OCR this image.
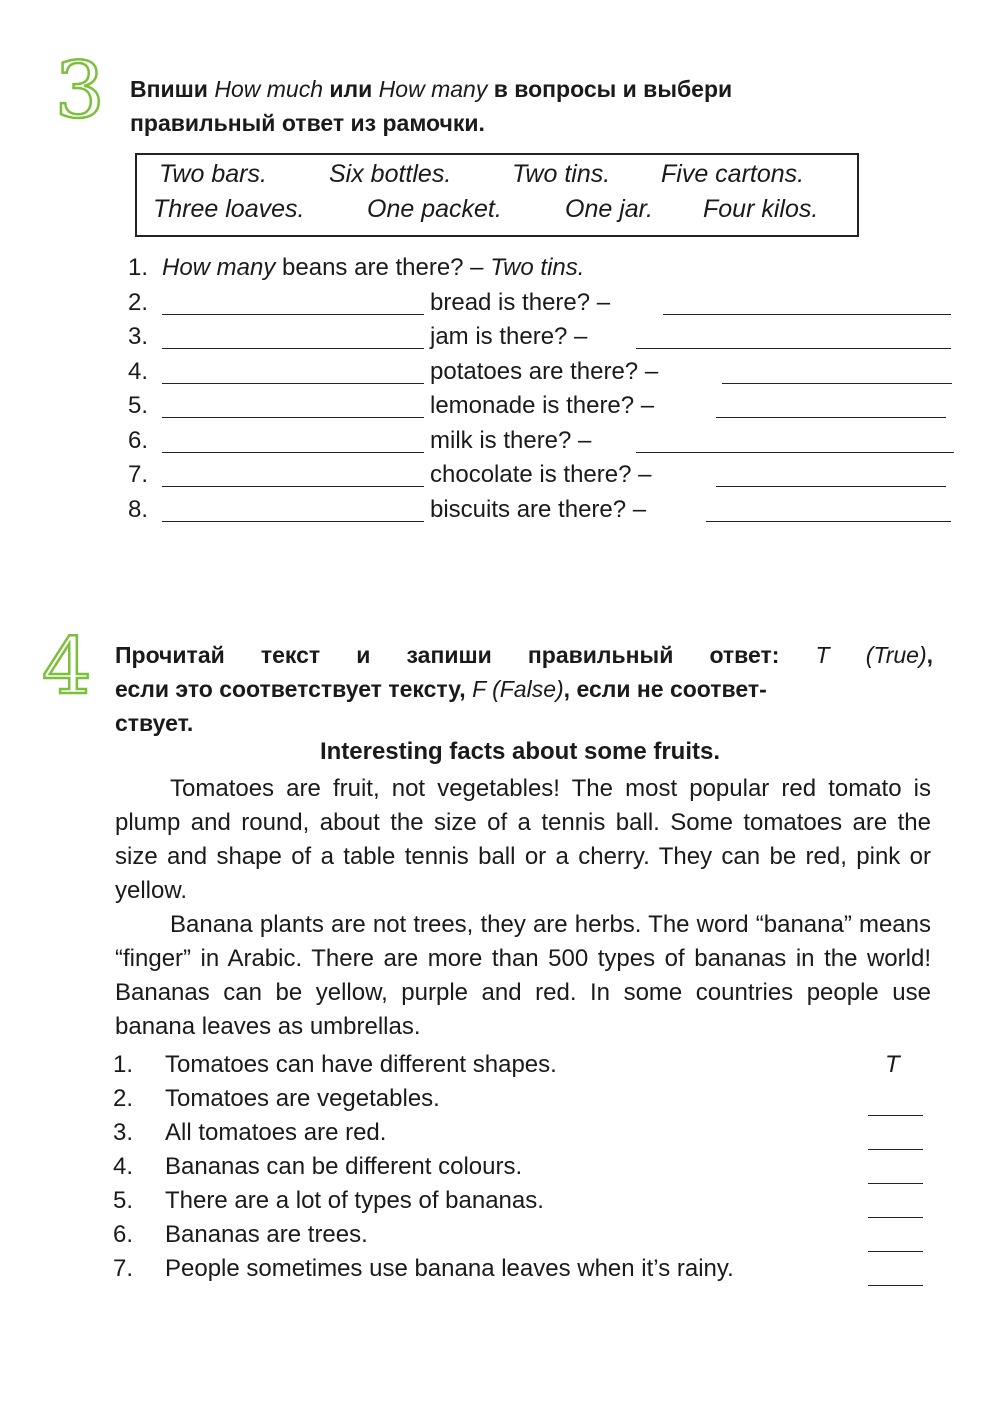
3 Впиши How much или How many в вопросы и выбери
правильный ответ из рамочки.
Two bars. Six bottles. Two tins. Five cartons.
Three loaves.	One packet.	One jar. Four kilos.
1. How many beans are there? – Two tins.
2.	bread is there? –
3.	jam is there? –
4.	potatoes are there? –
5.	lemonade is there? –
6.	milk is there? –
7.	chocolate is there? –
8.	biscuits are there? –
4 Прочитай текст и запиши правильный ответ: T (True),
если это соответствует тексту, F (False), если не соответ-
ствует.
Interesting facts about some fruits.

Tomatoes are fruit, not vegetables! The most popular red tomato is plump and round, about the size of a tennis ball. Some tomatoes are the size and shape of a table tennis ball or a cherry. They can be red, pink or yellow.

Banana plants are not trees, they are herbs. The word “banana” means “finger” in Arabic. There are more than 500 types of bananas in the world! Bananas can be yellow, purple and red. In some countries people use banana leaves as umbrellas.

1. Tomatoes can have different shapes.	T
2. Tomatoes are vegetables.
3. All tomatoes are red.
4. Bananas can be different colours.
5. There are a lot of types of bananas.
6. Bananas are trees.
7. People sometimes use banana leaves when it’s rainy.
